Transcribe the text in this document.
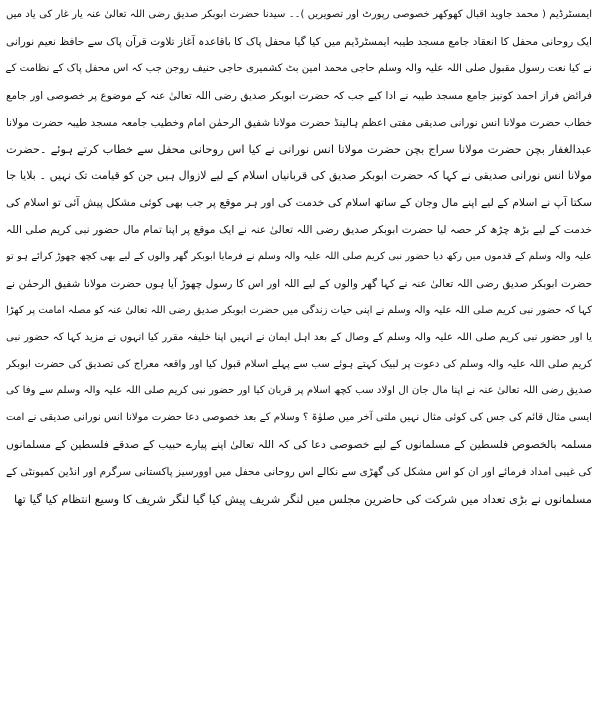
ایمسٹرڈیم ( محمد جاوید اقبال کھوکھر خصوصی رپورٹ اور تصویریں )۔۔ سیدنا حضرت ابوبکر صدیق رضی اللہ تعالیٰ عنہ یار غار کی یاد میں
ایک روحانی محفل کا انعقاد جامع مسجد طیبہ ایمسٹرڈیم میں کیا گیا محفل پاک کا باقاعدہ آغاز تلاوت قرآن پاک سے حافظ نعیم نورانی
نے کیا نعت رسول مقبول صلی اللہ علیہ والہ وسلم حاجی محمد امین بٹ کشمیری حاجی حنیف روجن جب کہ اس محفل پاک کے نظامت کے
فرائض فراز احمد کونیز جامع مسجد طیبہ نے ادا کیے جب کہ حضرت ابوبکر صدیق رضی اللہ تعالیٰ عنہ کے موضوع پر خصوصی اور جامع
خطاب حضرت مولانا انس نورانی صدیقی مفتی اعظم ہالینڈ حضرت مولانا شفیق الرحمٰن امام وخطیب جامعہ مسجد طیبہ حضرت مولانا
عبدالغفار بچن حضرت مولانا سراج بچن حضرت مولانا انس نورانی نے کیا اس روحانی محفل سے خطاب کرتے ہوئے ۔حضرت
مولانا انس نورانی صدیقی نے کہا کہ حضرت ابوبکر صدیق کی قربانیاں اسلام کے لیے لازوال ہیں جن کو قیامت تک نہیں ۔ بلایا جا
سکتا آپ نے اسلام کے لیے اپنے مال وجان کے ساتھ اسلام کی خدمت کی اور ہر موقع پر جب بھی کوئی مشکل پیش آئی تو اسلام کی
خدمت کے لیے بڑھ چڑھ کر حصہ لیا حضرت ابوبکر صدیق رضی اللہ تعالیٰ عنہ نے ایک موقع پر اپنا تمام مال حضور نبی کریم صلی اللہ
علیہ والہ وسلم کے قدموں میں رکھ دیا حضور نبی کریم صلی اللہ علیہ والہ وسلم نے فرمایا ابوبکر گھر والوں کے لیے بھی کچھ چھوڑ کرائے ہو تو
حضرت ابوبکر صدیق رضی اللہ تعالیٰ عنہ نے کہا گھر والوں کے لیے اللہ اور اس کا رسول چھوڑ آیا ہوں حضرت مولانا شفیق الرحمٰن نے
کہا کہ حضور نبی کریم صلی اللہ علیہ والہ وسلم نے اپنی حیات زندگی میں حضرت ابوبکر صدیق رضی اللہ تعالیٰ عنہ کو مصلہ امامت پر کھڑا
یا اور حضور نبی کریم صلی اللہ علیہ والہ وسلم کے وصال کے بعد اہل ایمان نے انہیں اپنا خلیفہ مقرر کیا انہوں نے مزید کہا کہ حضور نبی
کریم صلی اللہ علیہ والہ وسلم کی دعوت پر لبیک کہتے ہوئے سب سے پہلے اسلام قبول کیا اور واقعہ معراج کی تصدیق کی حضرت ابوبکر
صدیق رضی اللہ تعالیٰ عنہ نے اپنا مال جان ال اولاد سب کچھ اسلام پر قربان کیا اور حضور نبی کریم صلی اللہ علیہ والہ وسلم سے وفا کی
ایسی مثال قائم کی جس کی کوئی مثال نہیں ملتی آخر میں صلوٰۃ ؟ وسلام کے بعد خصوصی دعا حضرت مولانا انس نورانی صدیقی نے امت
مسلمہ بالخصوص فلسطین کے مسلمانوں کے لیے خصوصی دعا کی کہ اللہ تعالیٰ اپنے پیارے حبیب کے صدقے فلسطین کے مسلمانوں
کی غیبی امداد فرمائے اور ان کو اس مشکل کی گھڑی سے نکالے اس روحانی محفل میں اوورسیز پاکستانی سرگرم اور انڈین کمیونٹی کے
مسلمانوں نے بڑی تعداد میں شرکت کی حاضرین مجلس میں لنگر شریف پیش کیا گیا لنگر شریف کا وسیع انتظام کیا گیا تھا
